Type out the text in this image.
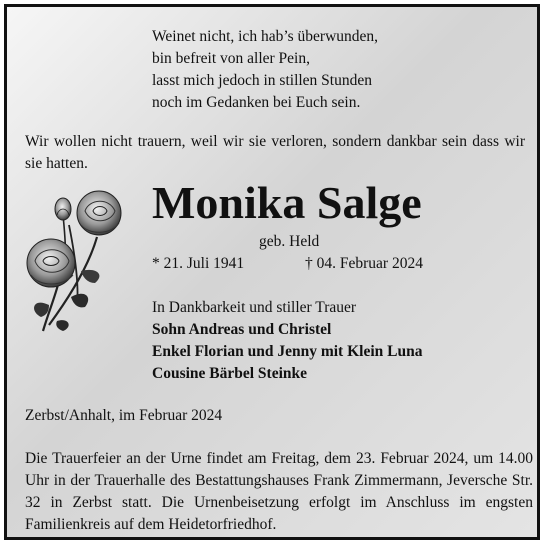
Weinet nicht, ich hab’s überwunden,
bin befreit von aller Pein,
lasst mich jedoch in stillen Stunden
noch im Gedanken bei Euch sein.
Wir wollen nicht trauern, weil wir sie verloren, sondern dankbar sein dass wir sie hatten.
Monika Salge
geb. Held
* 21. Juli 1941	† 04. Februar 2024
In Dankbarkeit und stiller Trauer
Sohn Andreas und Christel
Enkel Florian und Jenny mit Klein Luna
Cousine Bärbel Steinke
Zerbst/Anhalt, im Februar 2024
Die Trauerfeier an der Urne findet am Freitag, dem 23. Februar 2024, um 14.00 Uhr in der Trauerhalle des Bestattungshauses Frank Zimmermann, Jeversche Str. 32 in Zerbst statt. Die Urnenbeisetzung erfolgt im Anschluss im engsten Familienkreis auf dem Heidetorfriedhof.
